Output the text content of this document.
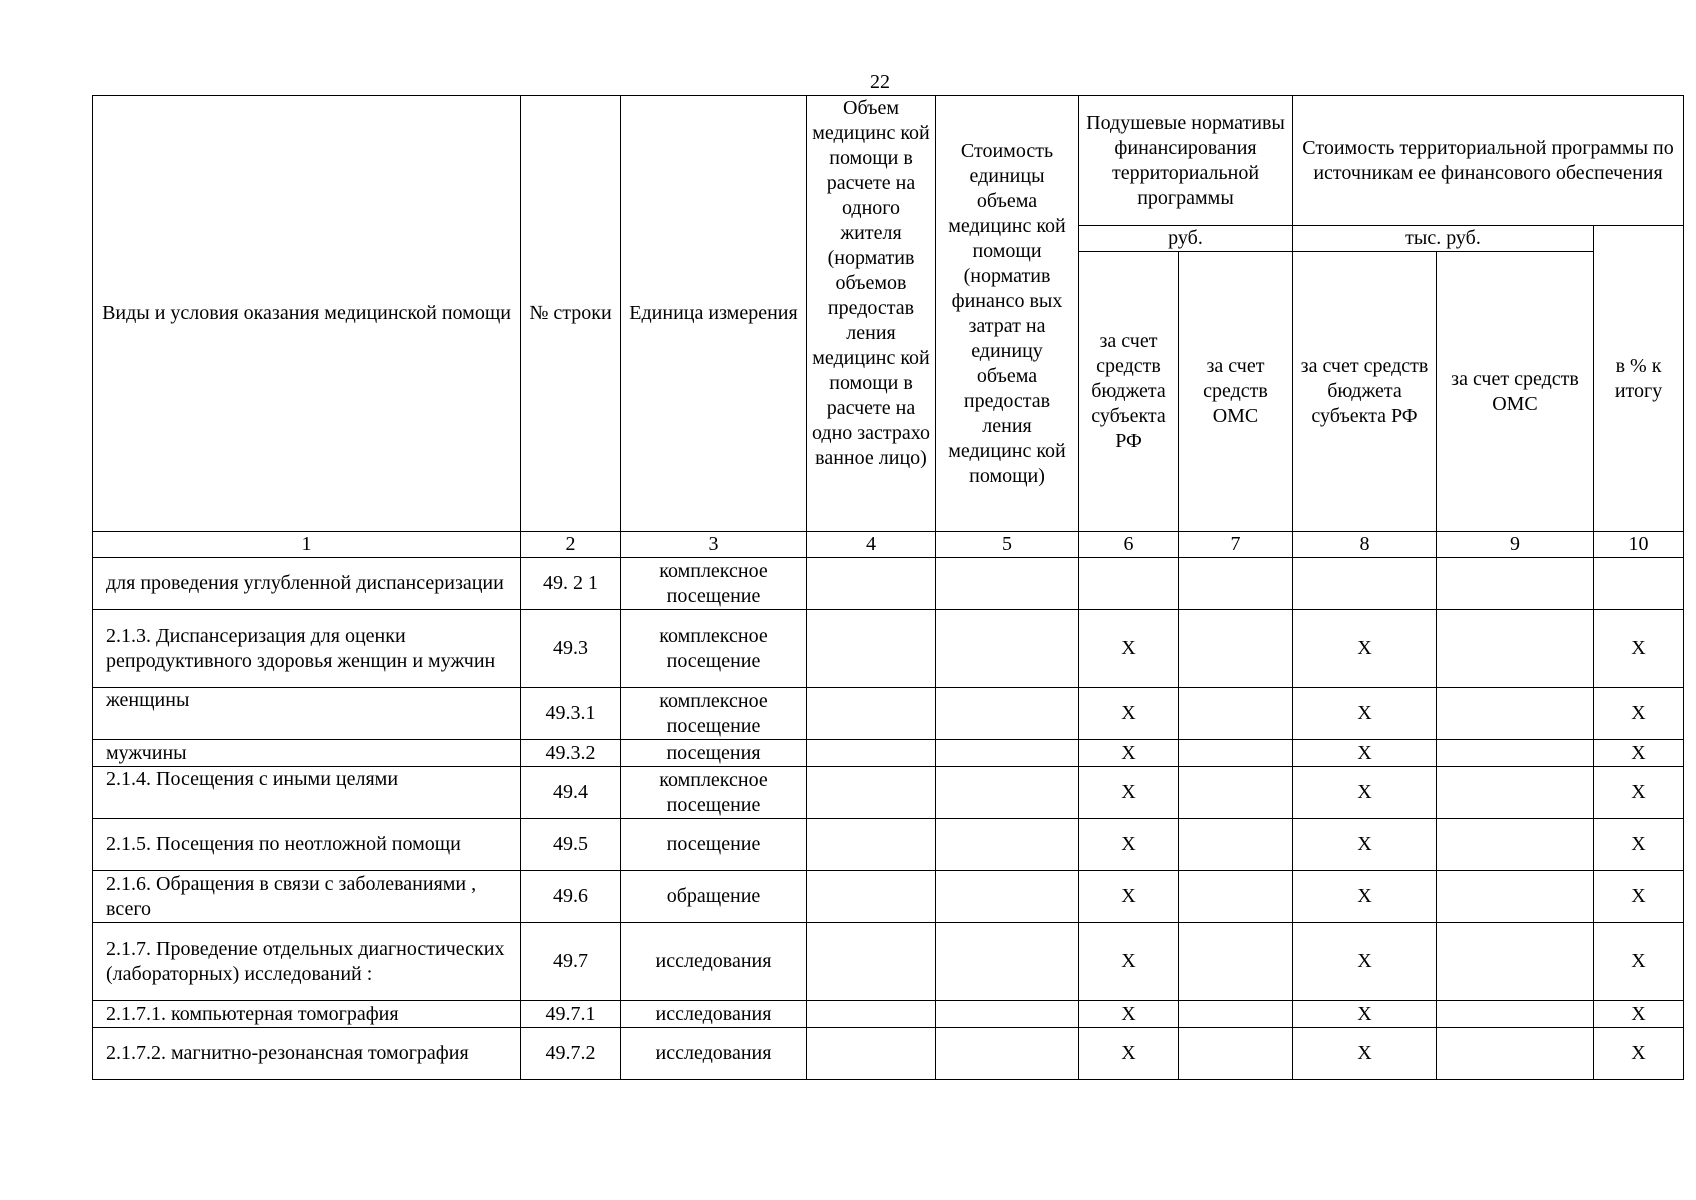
22
Виды и условия оказания медицинской помощи	№ строки	Единица измерения	Объем медицинс кой помощи в расчете на одного жителя (норматив объемов предостав ления медицинс кой помощи в расчете на одно застрахо ванное лицо)	Стоимость единицы объема медицинс кой помощи (норматив финансо вых затрат на единицу объема предостав ления медицинс кой помощи)	Подушевые нормативы финансирования территориальной программы		Стоимость территориальной программы по источникам ее финансового обеспечения		
					руб.		тыс. руб.		в % к итогу
					за счет средств бюджета субъекта РФ	за счет средств ОМС	за счет средств бюджета субъекта РФ	за счет средств ОМС	

1	2	3	4	5	6	7	8	9	10
для проведения углубленной диспансеризации	49. 2 1	комплексное посещение							
2.1.3. Диспансеризация для оценки репродуктивного здоровья женщин и мужчин	49.3	комплексное посещение			Х		Х		Х
женщины	49.3.1	комплексное посещение			Х		Х		Х
мужчины	49.3.2	посещения			Х		Х		Х
2.1.4. Посещения с иными целями	49.4	комплексное посещение			Х		Х		Х
2.1.5. Посещения по неотложной помощи	49.5	посещение			Х		Х		Х
2.1.6. Обращения в связи с заболеваниями , всего	49.6	обращение			Х		Х		Х
2.1.7. Проведение отдельных диагностических (лабораторных) исследований :	49.7	исследования			Х		Х		Х
2.1.7.1. компьютерная томография	49.7.1	исследования			Х		Х		Х
2.1.7.2. магнитно-резонансная томография	49.7.2	исследования			Х		Х		Х
